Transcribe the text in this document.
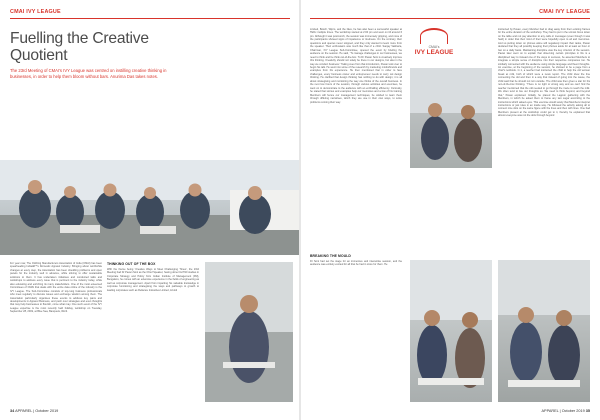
CMAI IVY LEAGUE
Fuelling the Creative Quotient

The 23rd Meeting of CMAI's IVY League was centred on instilling creative thinking in businesses, in order to help them bloom without bars. Anurima Das takes notes.

For year now, The Clothing Manufacturers Association of India (CMAI) has been spearheading Indiaâ€™s Domestic Apparel Industry. Bringing about worthwhile changes at every step, the Association has been shedding problems and open panels for the industry well in advance, while striving to offer sustainable solutions to them. It has undertaken initiatives and conducted talks and workshops to address every issue that is pertinent to the industry today, while also educating and enriching its many stakeholders. One of the most esteemed Committees of CMAI that deals with the entire data online of the industry is the IVY League. The Sub-Committee consists of top-rung business professionals who meet regularly to discuss issues and exchange wisdom among them. The Association particularly organises these events to address key pains and developments in Apparel Business, and push over strategies and even thoughts that may help businesses to flourish, come what may. One such event of the IVY League expertise is the most recently held holiday, workshop on Tuesday, September 28, 2019, at Blue Sea, Banquets, Worli.
THINKING OUT OF THE BOX
With the theme being ‘Creative Ways to Meet Challenging Times’, the 23rd Meeting had Dr Pavan Soni as the Chief Speaker, having done his PhD studies in Corporate Strategy and Policy from Indian Institute of Management (IIM), Bengaluru, he comes with an extensive experience in the fields of engineering as well as corporate management. Apart from imparting his valuable knowledge in corporate functioning and strategising the ways and pathways to growth to leading corporates such as Reliance Industries Limited, Arvind
34 APPAREL | October 2019
CMAI IVY LEAGUE
Limited, Bosch, Wipro, and the likes, he has also been a successful speaker at TEDx multiple times. The workshop started at 2:00 pm and went on till around 6 pm. Although it was post-lunch, the session was immensely gripping, and none of the participants showed signs of impatience or tiredness. On the contrary, their questions and queries never stopped, and they only wanted to learn more from the speaker. Their enthusiasm was much like that of a child. Sanjay Vakharia, Chairman, IVY League Sub-Committee, opened the event by briefing the audience on the session. He said, “To manage challenges in our businesses, we need to think and be think out-of-the-box. To Dr Pavan Soni is creatively improve this thinking. Creativity should not solely be there in our designs, but also in the way we conduct business.” Taking cues from that introduction, Pavan took over to begin his talk. He went into some of the research by marketing minds/brands and examples from his experience. He then mentioned that in order to face challenges, every business owner and entrepreneur needs to carry out design thinking. He clarified that design thinking has nothing to do with design; it is all about strategising and monitoring the way one thinks of the overall business. In the next few hours of the session, through various activities and exercises, he went on to demonstrate to the audience with an enthralling efficiency. Curiously, he stated that stories and examples help our memories and a few of his training Members will hence our management techniques, he wished to learn them through differing narratives, which they are use in their own ways, to solve problems coming their way.
BREAKING THE MOULD
Dr Soni had set the stage for an immersive and interactive session, and the audience was entirely excited for all that he had in store for them. He
CMAI's
IVY LEAGUE
instructed by Pavan, every Member had to drag away from their existing frames for the entire duration of the workshop. They had to put in the utmost focus down on the table and not pay attention to any calls or messages (even though it was hard) in order that their mind of their were hopefully open to all and memories. And so putting down on phones alone will negatively impact their tasks, Pavan declared that they all possibly keeping their phones aside for at least an hour or two on a daily basis. Maintaining discipline was the key criterion of the session. Pavan later went on to explain that observing certain principles in life is a disciplined way to instead one of the ways to success, he asserted Members to integrate a simple sense of discipline into their respective companies too. He similarly connected with the audience using simple language and fluent thoughts. An exercise, at the beginning of the session, he showed to be a page from a chief’s textbook. In it, a teacher had instructed the child to help the old woman break at milk, both of which were a news report. The child drew the line connecting the old and then in a way that instead of going into the cause, the child said that he should not turn outside. The child was then given a star for his non-of-the-box thinking. “There is no right or wrong way and we can’t find the teacher mentioned that the old needed to go through the maze to reach the milk. We often tend to live our thoughts so. We need to think beyond, and beyond that,” Pavan explained. Initially, he placed the Lagoon gathering with the Members, in which he asked them to frame any two sugar according to the instructions which asked eyes. This exercise would surely that Members interpret instructions or just rules in an inside way. He followed the activity asking all to connect nine dots on the same figure with the lines and then with lines. One had Members present at the workshop could get to it, thereby he explained that almost everyone was not the dots through beyond
APPAREL | October 2019 35
